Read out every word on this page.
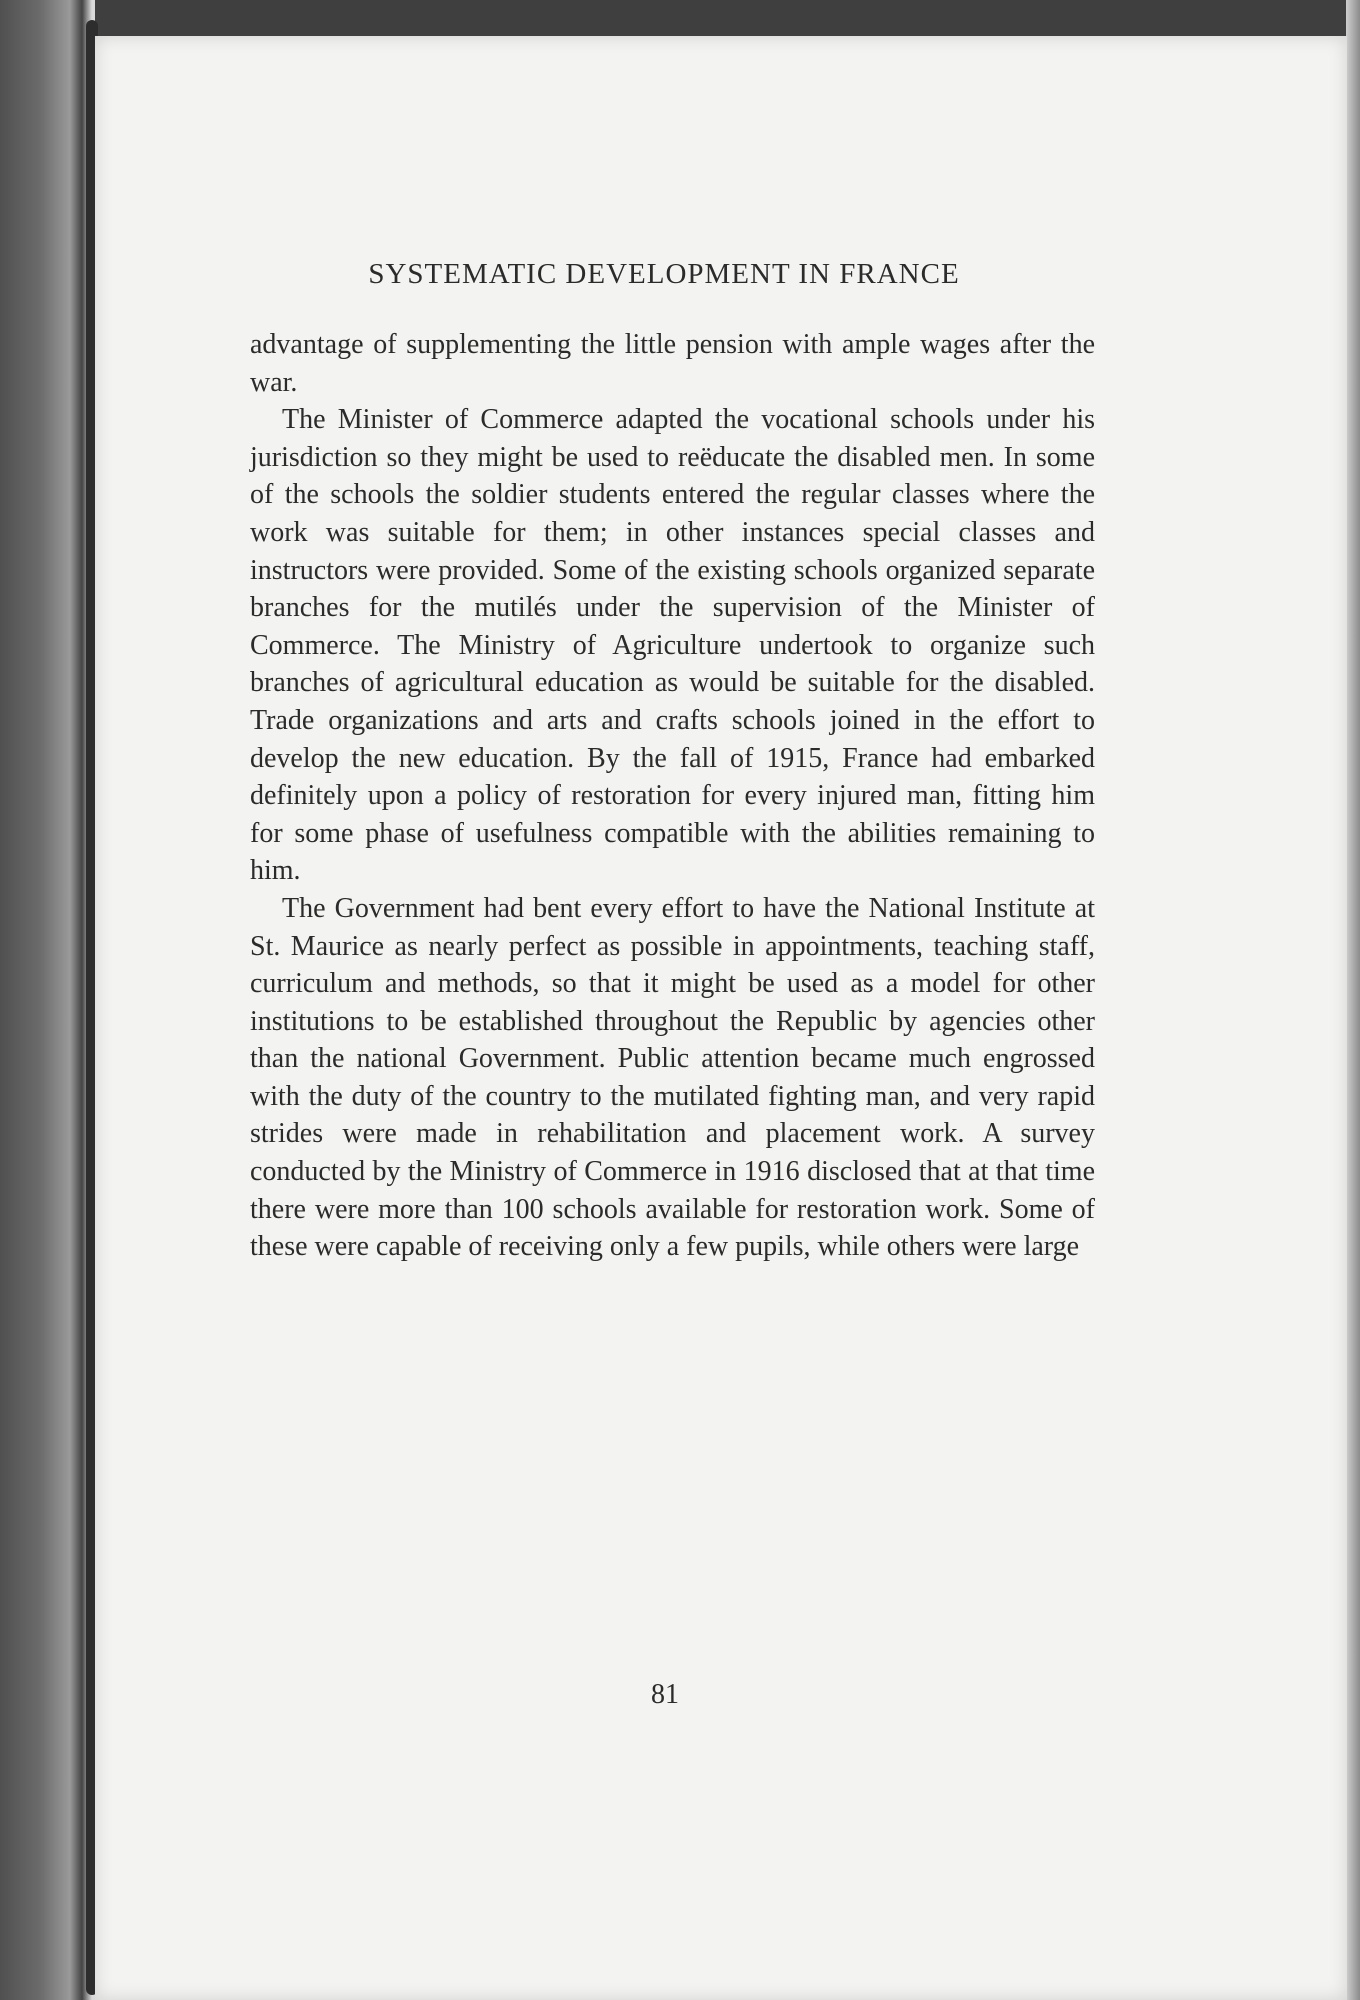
SYSTEMATIC DEVELOPMENT IN FRANCE

advantage of supplementing the little pension with ample wages after the war.

The Minister of Commerce adapted the vocational schools under his jurisdiction so they might be used to reëducate the disabled men. In some of the schools the soldier students entered the regular classes where the work was suitable for them; in other instances special classes and instructors were provided. Some of the existing schools organized separate branches for the mutilés under the supervision of the Minister of Commerce. The Ministry of Agriculture undertook to organize such branches of agricultural education as would be suitable for the disabled. Trade organizations and arts and crafts schools joined in the effort to develop the new education. By the fall of 1915, France had embarked definitely upon a policy of restoration for every injured man, fitting him for some phase of usefulness compatible with the abilities remaining to him.

The Government had bent every effort to have the National Institute at St. Maurice as nearly perfect as possible in appointments, teaching staff, curriculum and methods, so that it might be used as a model for other institutions to be established throughout the Republic by agencies other than the national Government. Public attention became much engrossed with the duty of the country to the mutilated fighting man, and very rapid strides were made in rehabilitation and placement work. A survey conducted by the Ministry of Commerce in 1916 disclosed that at that time there were more than 100 schools available for restoration work. Some of these were capable of receiving only a few pupils, while others were large

81
